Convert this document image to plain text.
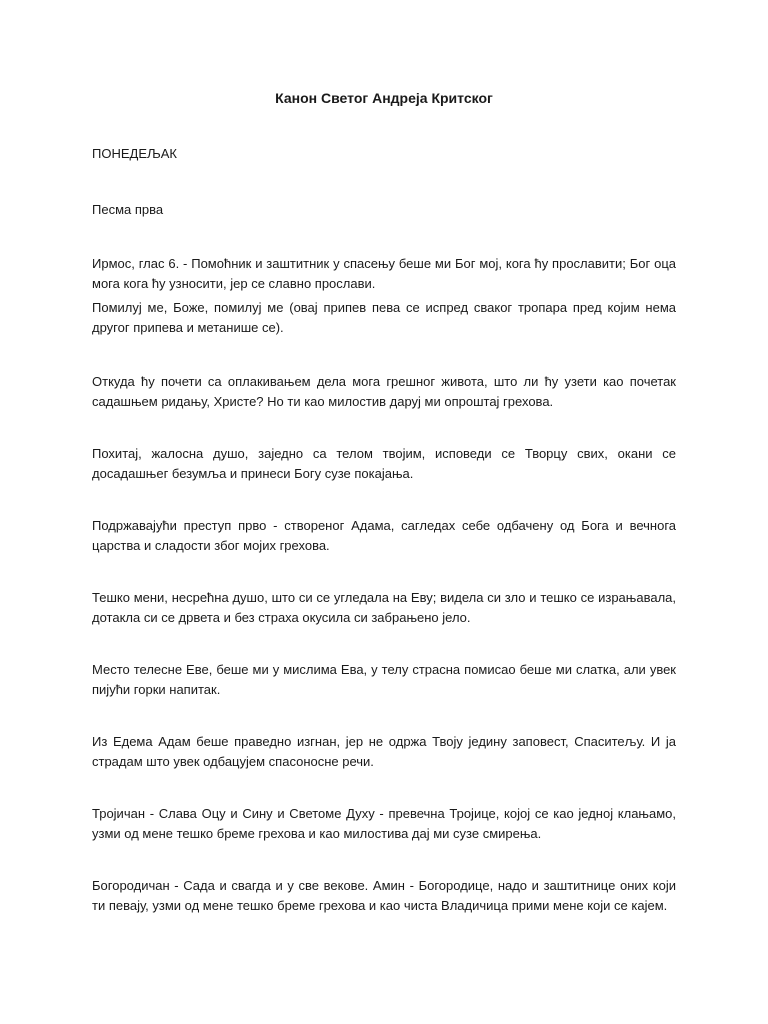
Канон Светог Андреја Критског

ПОНЕДЕЉАК

Песма прва

Ирмос, глас 6. - Помоћник и заштитник у спасењу беше ми Бог мој, кога ћу прославити; Бог оца мога кога ћу узносити, јер се славно прослави.

Помилуј ме, Боже, помилуј ме (овај припев пева се испред сваког тропара пред којим нема другог припева и метанише се).

Откуда ћу почети са оплакивањем дела мога грешног живота, што ли ћу узети као почетак садашњем ридању, Христе? Но ти као милостив даруј ми опроштај грехова.

Похитај, жалосна душо, заједно са телом твојим, исповеди се Творцу свих, окани се досадашњег безумља и принеси Богу сузе покајања.

Подржавајући преступ прво - створеног Адама, сагледах себе одбачену од Бога и вечнога царства и сладости због мојих грехова.

Тешко мени, несрећна душо, што си се угледала на Еву; видела си зло и тешко се израњавала, дотакла си се дрвета и без страха окусила си забрањено јело.

Место телесне Еве, беше ми у мислима Ева, у телу страсна помисао беше ми слатка, али увек пијући горки напитак.

Из Едема Адам беше праведно изгнан, јер не одржа Твоју једину заповест, Спаситељу. И ја страдам што увек одбацујем спасоносне речи.

Тројичан - Слава Оцу и Сину и Светоме Духу - превечна Тројице, којој се као једној клањамо, узми од мене тешко бреме грехова и као милостива дај ми сузе смирења.

Богородичан - Сада и свагда и у све векове. Амин - Богородице, надо и заштитнице оних који ти певају, узми од мене тешко бреме грехова и као чиста Владичица прими мене који се кајем.
